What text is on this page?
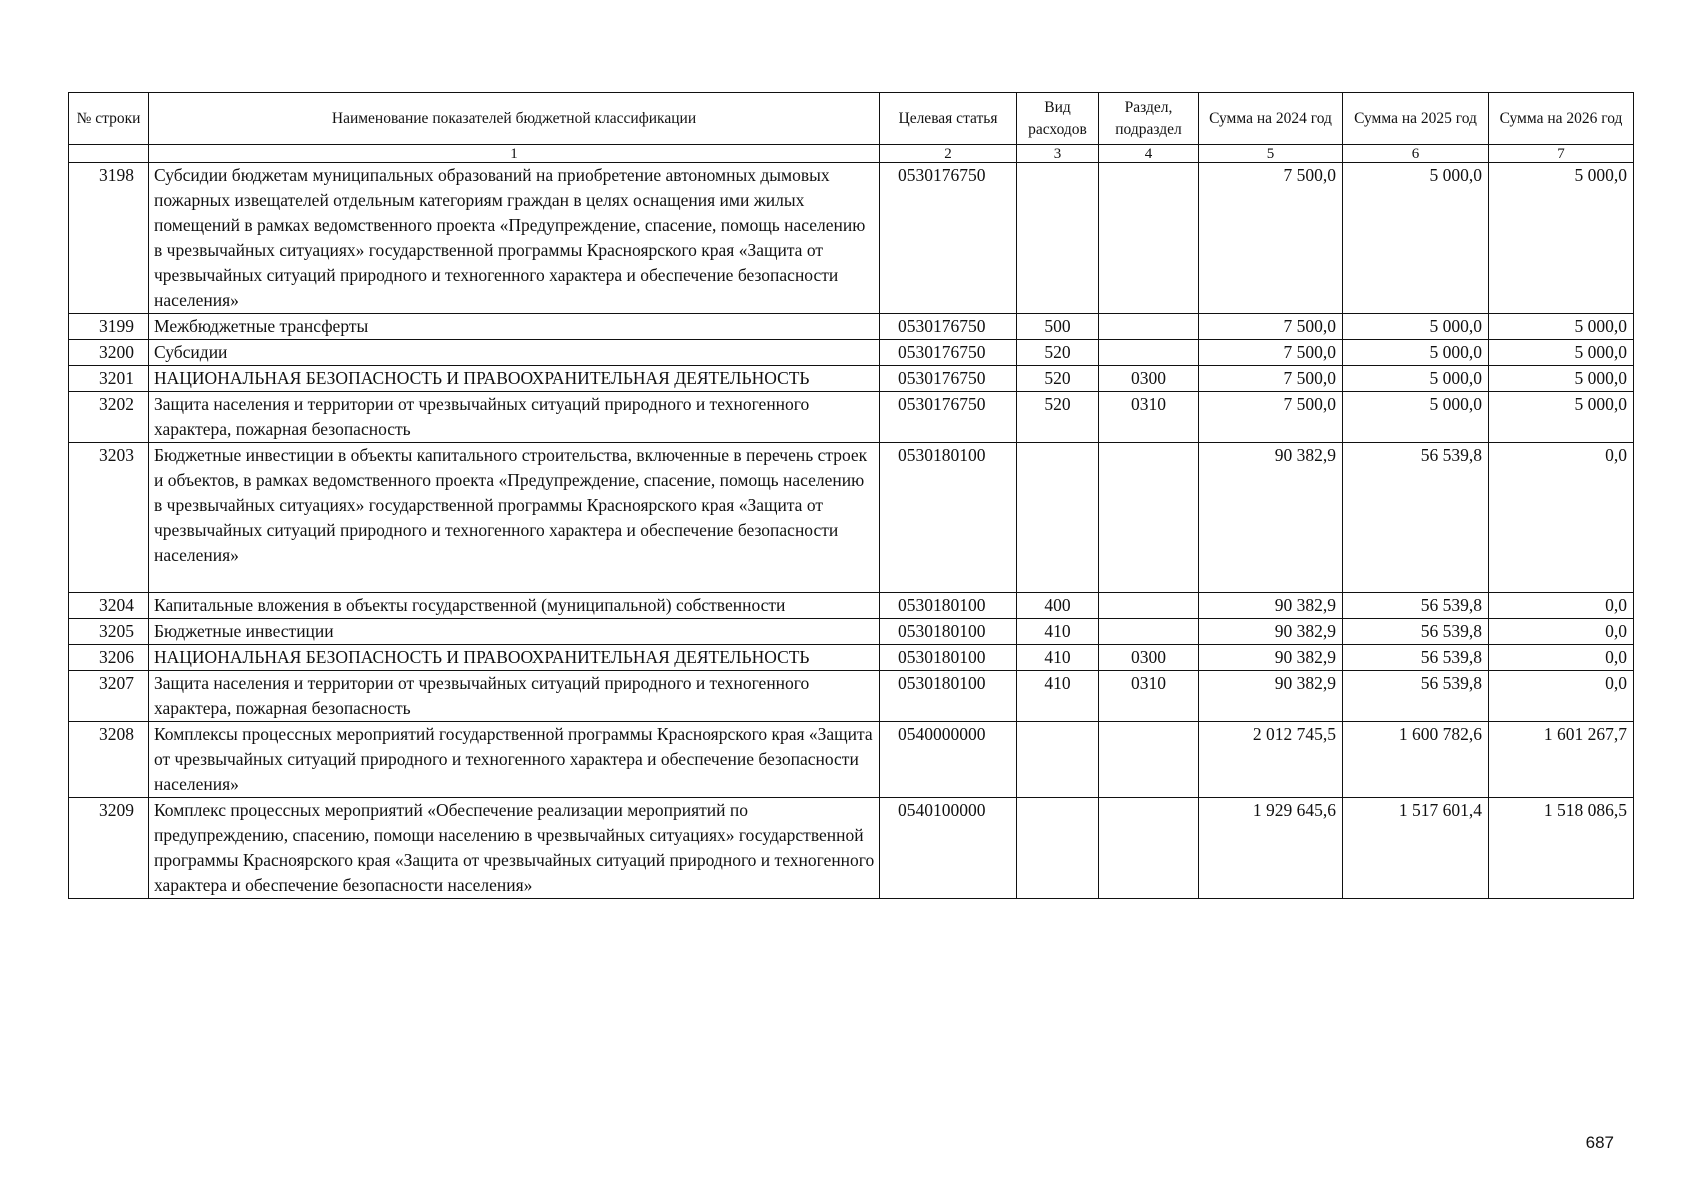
№ строки	Наименование показателей бюджетной классификации	Целевая статья	Вид расходов	Раздел, подраздел	Сумма на 2024 год	Сумма на 2025 год	Сумма на 2026 год
	1	2	3	4	5	6	7
3198	Субсидии бюджетам муниципальных образований на приобретение автономных дымовых пожарных извещателей отдельным категориям граждан в целях оснащения ими жилых помещений в рамках ведомственного проекта «Предупреждение, спасение, помощь населению в чрезвычайных ситуациях» государственной программы Красноярского края «Защита от чрезвычайных ситуаций природного и техногенного характера и обеспечение безопасности населения»	0530176750			7 500,0	5 000,0	5 000,0
3199	Межбюджетные трансферты	0530176750	500		7 500,0	5 000,0	5 000,0
3200	Субсидии	0530176750	520		7 500,0	5 000,0	5 000,0
3201	НАЦИОНАЛЬНАЯ БЕЗОПАСНОСТЬ И ПРАВООХРАНИТЕЛЬНАЯ ДЕЯТЕЛЬНОСТЬ	0530176750	520	0300	7 500,0	5 000,0	5 000,0
3202	Защита населения и территории от чрезвычайных ситуаций природного и техногенного характера, пожарная безопасность	0530176750	520	0310	7 500,0	5 000,0	5 000,0
3203	Бюджетные инвестиции в объекты капитального строительства, включенные в перечень строек и объектов, в рамках ведомственного проекта «Предупреждение, спасение, помощь населению в чрезвычайных ситуациях» государственной программы Красноярского края «Защита от чрезвычайных ситуаций природного и техногенного характера и обеспечение безопасности населения»	0530180100			90 382,9	56 539,8	0,0
3204	Капитальные вложения в объекты государственной (муниципальной) собственности	0530180100	400		90 382,9	56 539,8	0,0
3205	Бюджетные инвестиции	0530180100	410		90 382,9	56 539,8	0,0
3206	НАЦИОНАЛЬНАЯ БЕЗОПАСНОСТЬ И ПРАВООХРАНИТЕЛЬНАЯ ДЕЯТЕЛЬНОСТЬ	0530180100	410	0300	90 382,9	56 539,8	0,0
3207	Защита населения и территории от чрезвычайных ситуаций природного и техногенного характера, пожарная безопасность	0530180100	410	0310	90 382,9	56 539,8	0,0
3208	Комплексы процессных мероприятий государственной программы Красноярского края «Защита от чрезвычайных ситуаций природного и техногенного характера и обеспечение безопасности населения»	0540000000			2 012 745,5	1 600 782,6	1 601 267,7
3209	Комплекс процессных мероприятий «Обеспечение реализации мероприятий по предупреждению, спасению, помощи населению в чрезвычайных ситуациях» государственной программы Красноярского края «Защита от чрезвычайных ситуаций природного и техногенного характера и обеспечение безопасности населения»	0540100000			1 929 645,6	1 517 601,4	1 518 086,5
687
